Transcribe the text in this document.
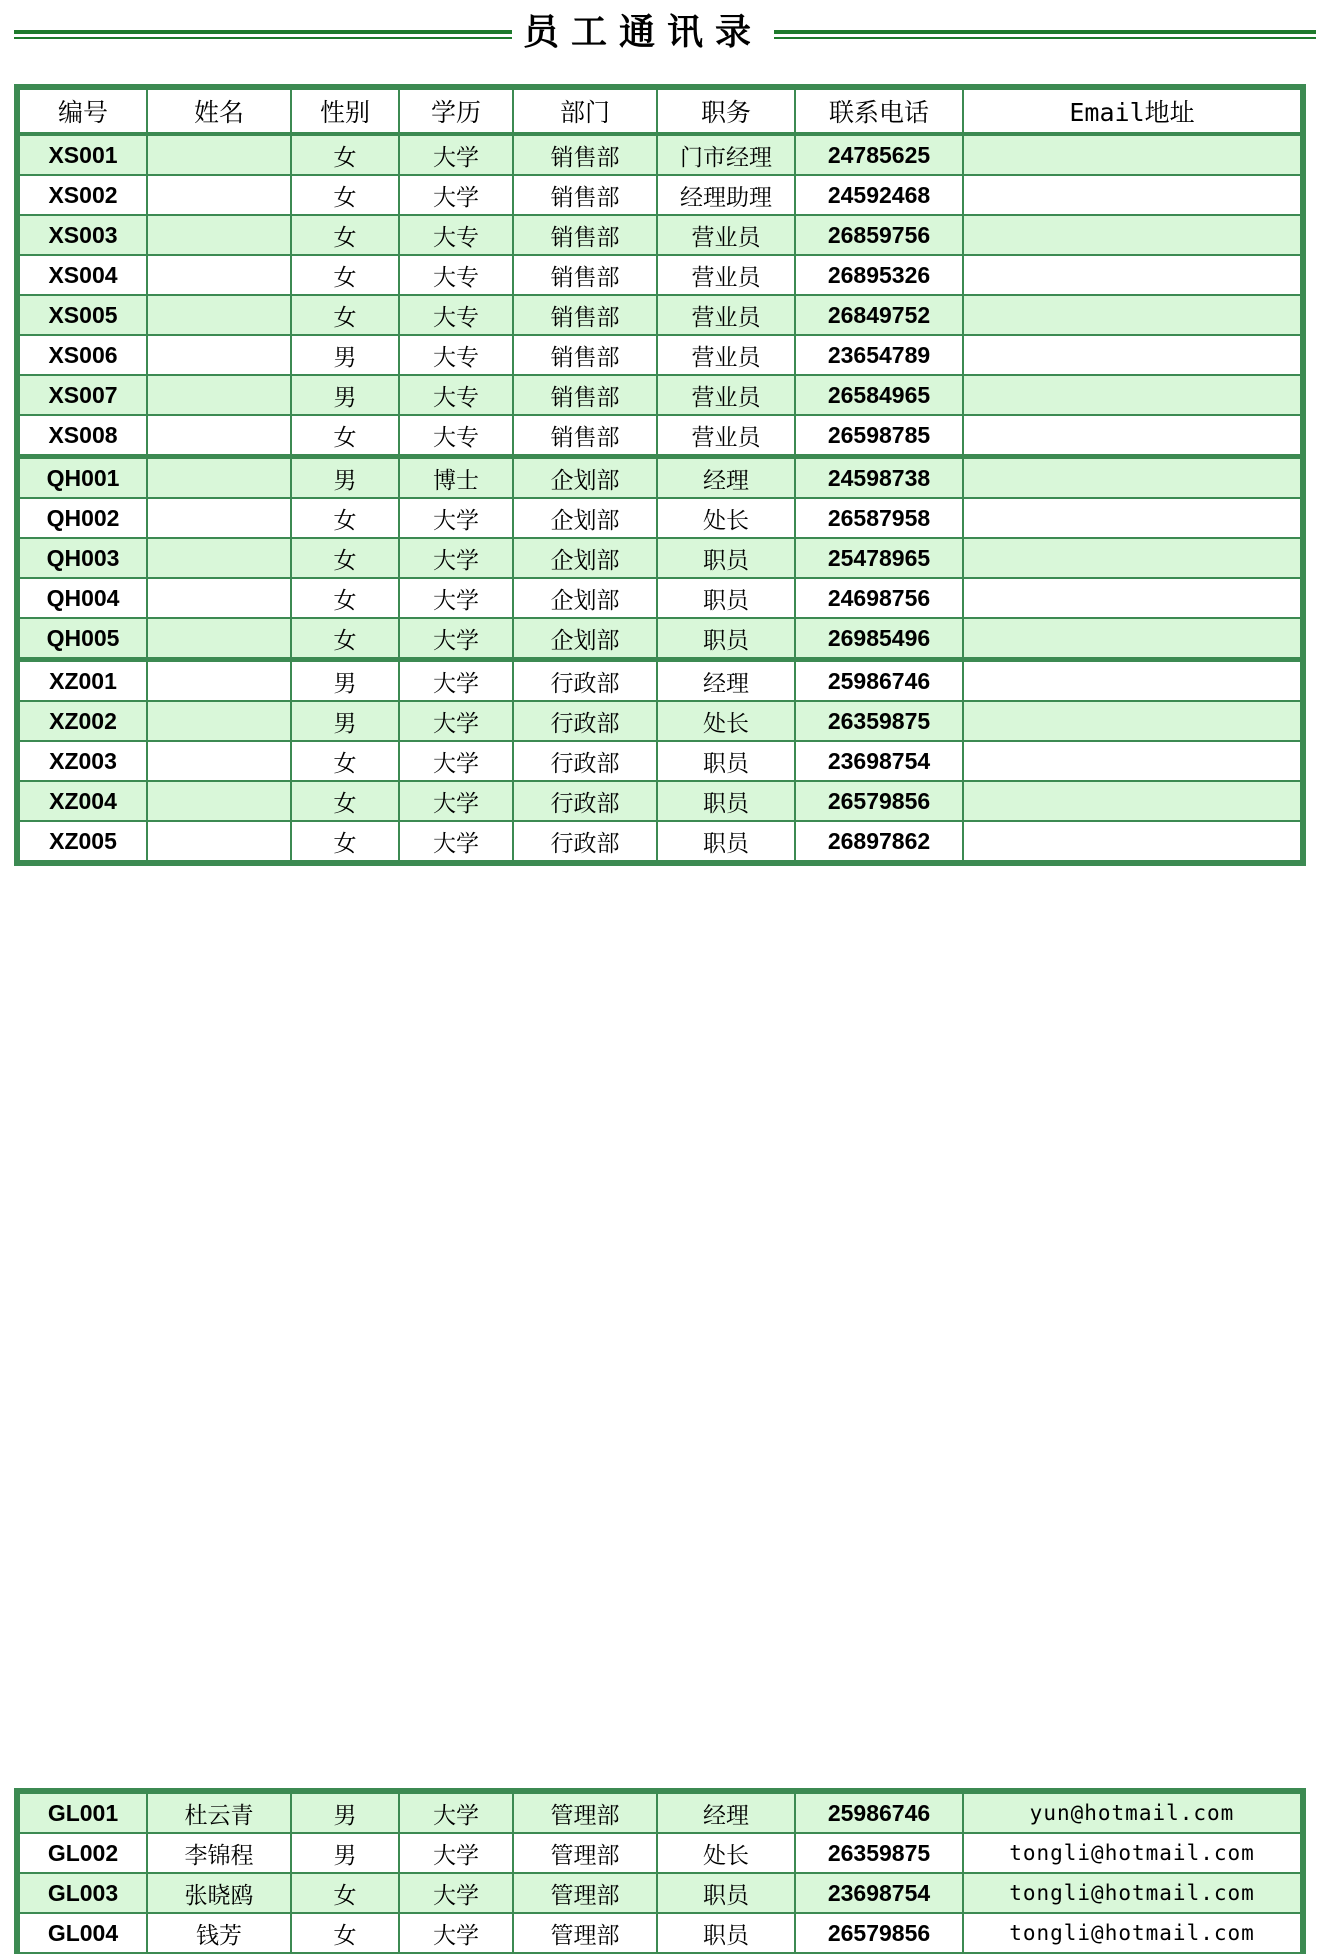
员工通讯录
编号	姓名	性别	学历	部门	职务	联系电话	Email地址
XS001		女	大学	销售部	门市经理	24785625	
XS002		女	大学	销售部	经理助理	24592468	
XS003		女	大专	销售部	营业员	26859756	
XS004		女	大专	销售部	营业员	26895326	
XS005		女	大专	销售部	营业员	26849752	
XS006		男	大专	销售部	营业员	23654789	
XS007		男	大专	销售部	营业员	26584965	
XS008		女	大专	销售部	营业员	26598785	
QH001		男	博士	企划部	经理	24598738	
QH002		女	大学	企划部	处长	26587958	
QH003		女	大学	企划部	职员	25478965	
QH004		女	大学	企划部	职员	24698756	
QH005		女	大学	企划部	职员	26985496	
XZ001		男	大学	行政部	经理	25986746	
XZ002		男	大学	行政部	处长	26359875	
XZ003		女	大学	行政部	职员	23698754	
XZ004		女	大学	行政部	职员	26579856	
XZ005		女	大学	行政部	职员	26897862	
GL001	杜云青	男	大学	管理部	经理	25986746	yun@hotmail.com
GL002	李锦程	男	大学	管理部	处长	26359875	tongli@hotmail.com
GL003	张晓鸥	女	大学	管理部	职员	23698754	tongli@hotmail.com
GL004	钱芳	女	大学	管理部	职员	26579856	tongli@hotmail.com
